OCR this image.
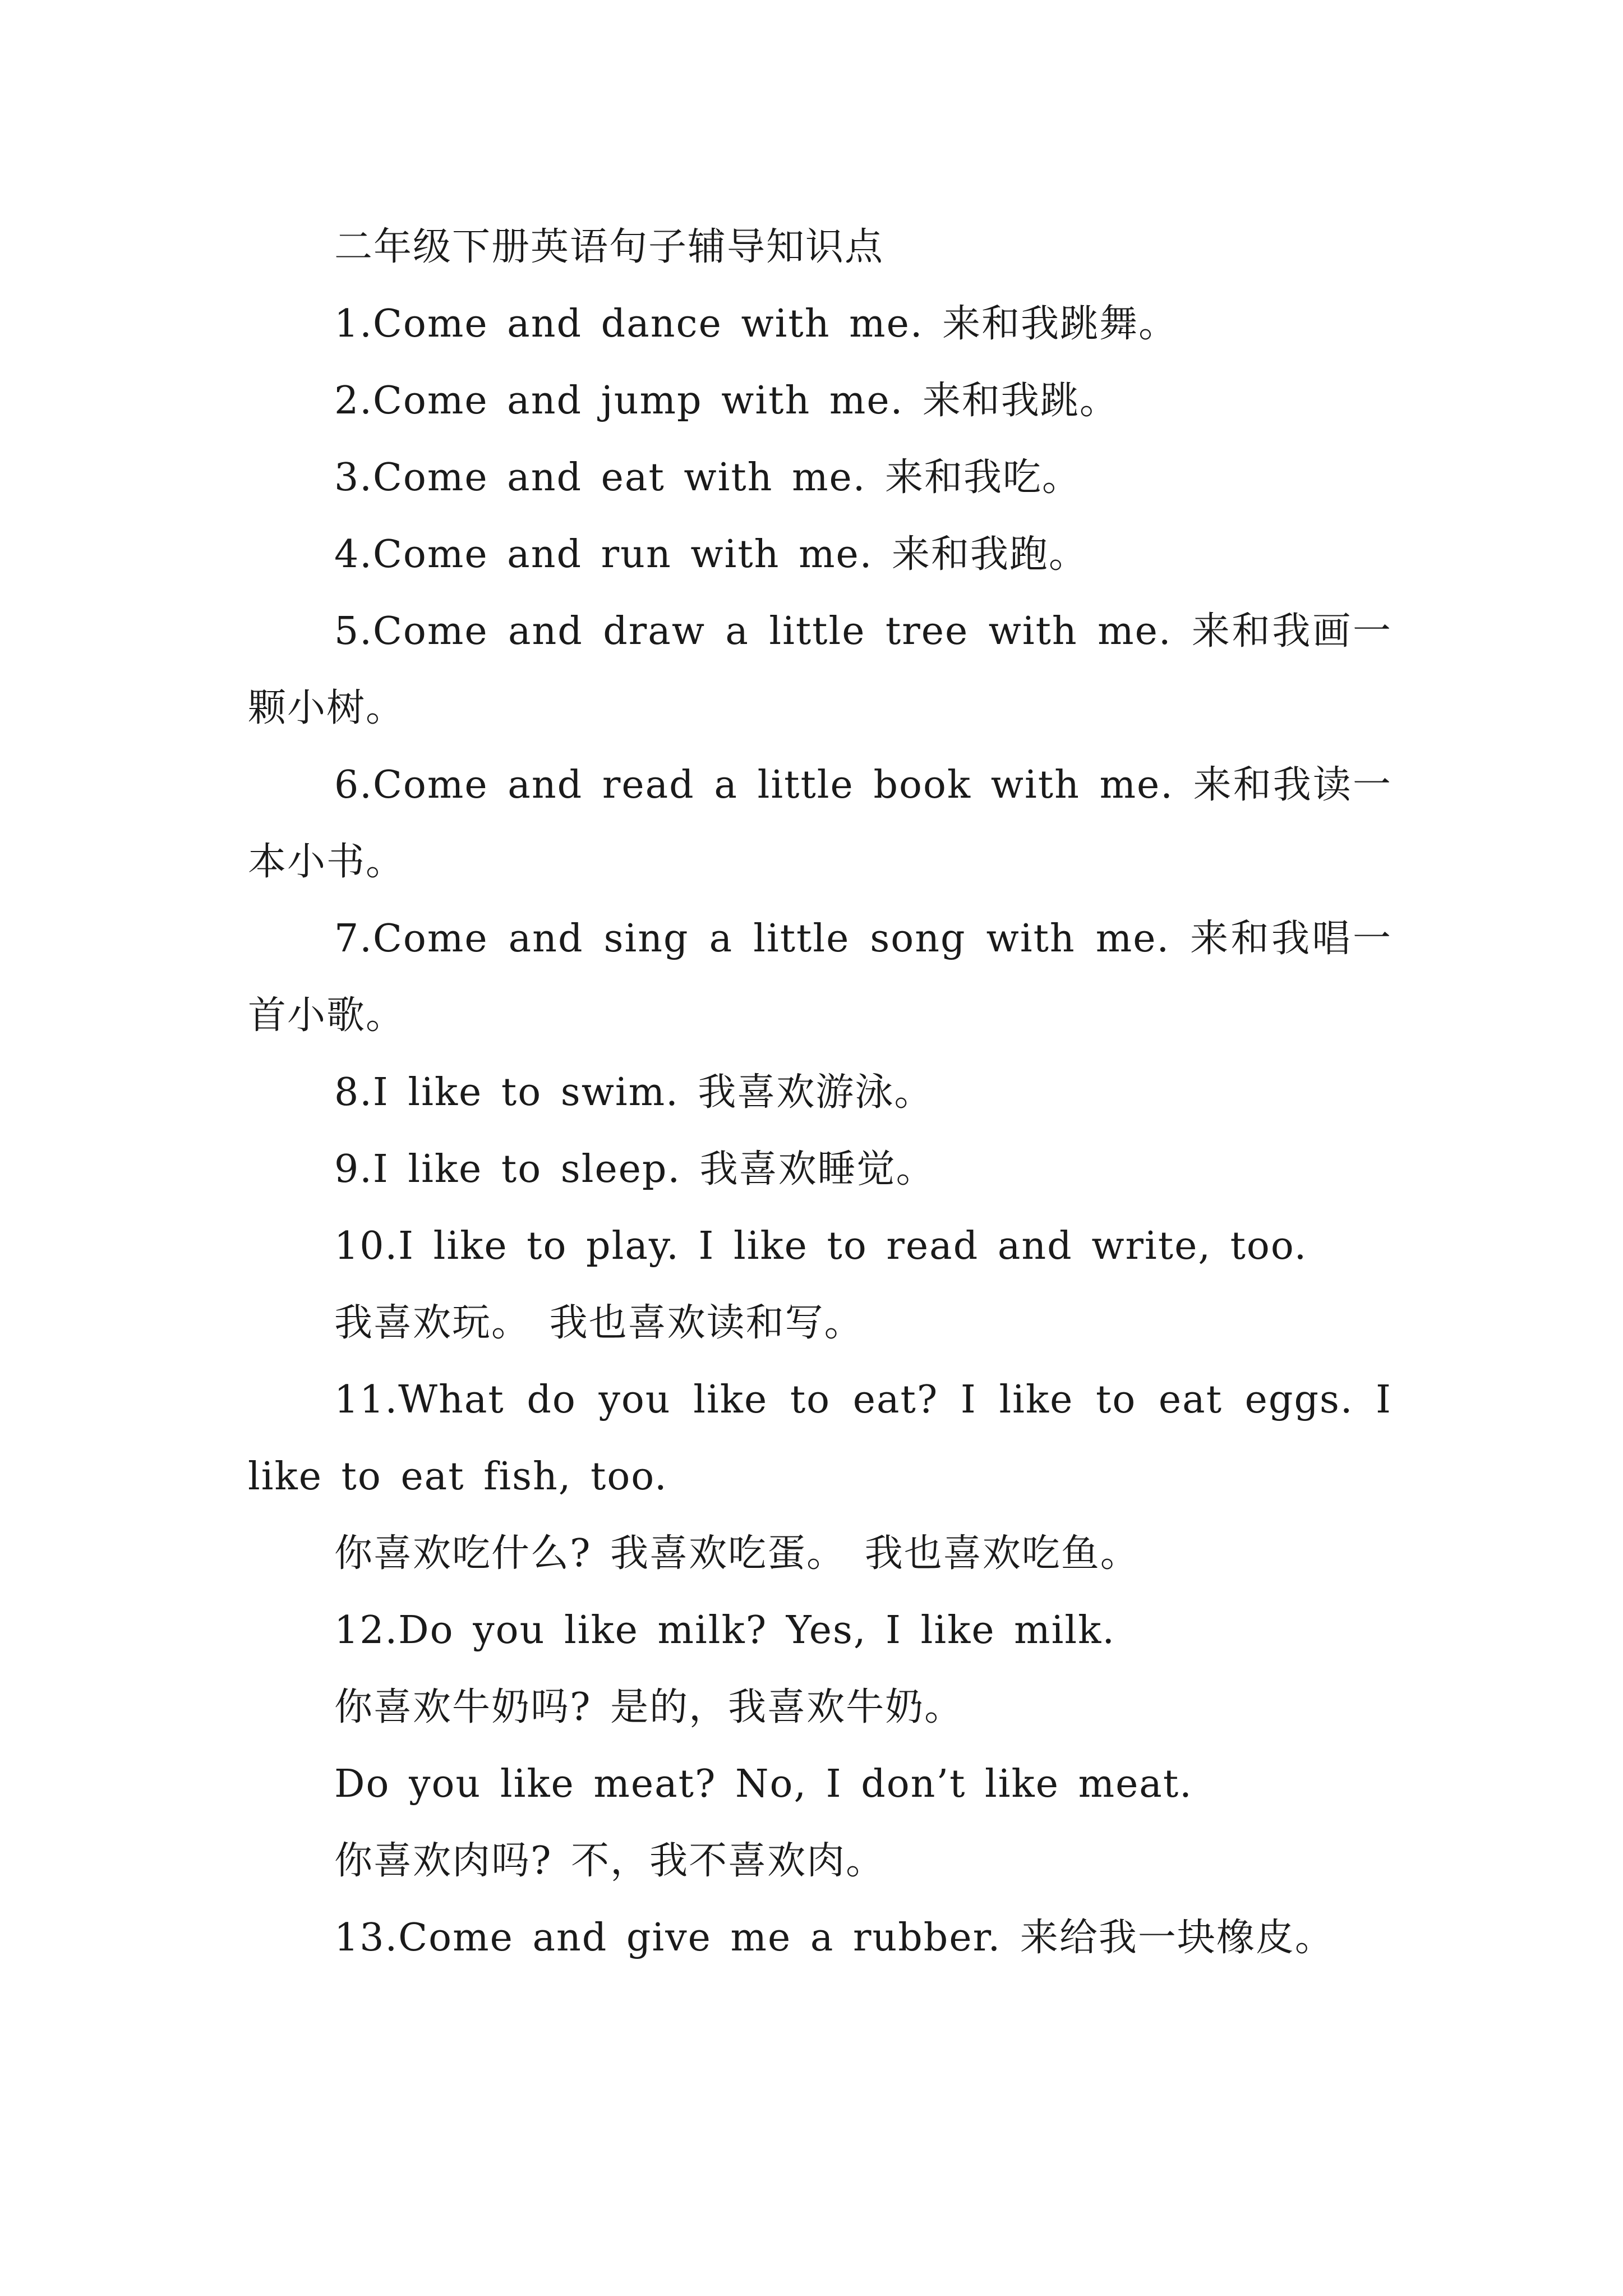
二年级下册英语句子辅导知识点

1.Come and dance with me. 来和我跳舞。

2.Come and jump with me. 来和我跳。

3.Come and eat with me. 来和我吃。

4.Come and run with me. 来和我跑。

5.Come and draw a little tree with me. 来和我画一颗小树。

6.Come and read a little book with me. 来和我读一本小书。

7.Come and sing a little song with me. 来和我唱一首小歌。

8.I like to swim. 我喜欢游泳。

9.I like to sleep. 我喜欢睡觉。

10.I like to play. I like to read and write, too.

我喜欢玩。 我也喜欢读和写。

11.What do you like to eat? I like to eat eggs. I like to eat fish, too.

你喜欢吃什么? 我喜欢吃蛋。 我也喜欢吃鱼。

12.Do you like milk? Yes, I like milk.

你喜欢牛奶吗? 是的，我喜欢牛奶。

Do you like meat? No, I don’t like meat.

你喜欢肉吗? 不，我不喜欢肉。

13.Come and give me a rubber. 来给我一块橡皮。
